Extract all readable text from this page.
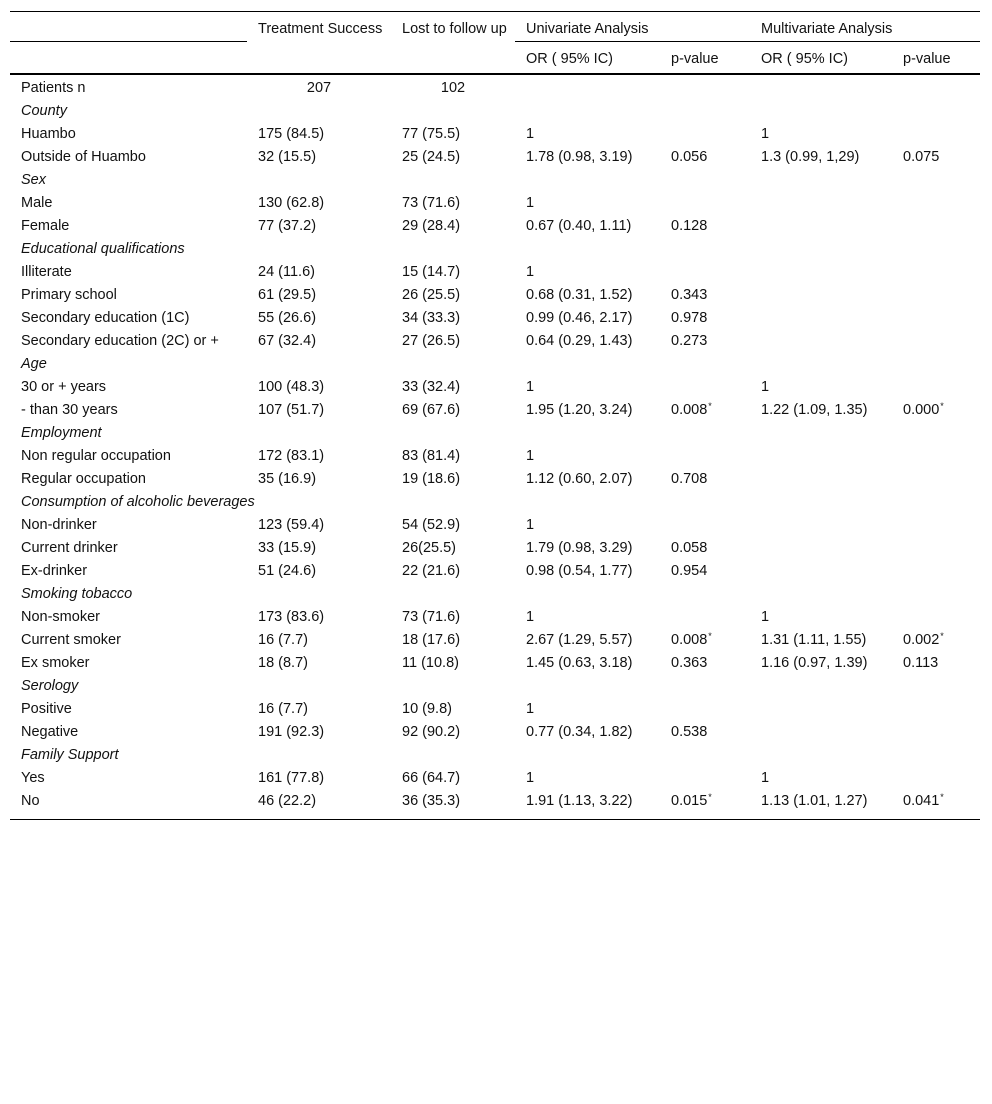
	Treatment Success	Lost to follow up	Univariate Analysis		Multivariate Analysis	
			OR ( 95% IC)	p-value	OR ( 95% IC)	p-value
Patients n	207	102				
County						
Huambo	175 (84.5)	77 (75.5)	1		1	
Outside of Huambo	32 (15.5)	25 (24.5)	1.78 (0.98, 3.19)	0.056	1.3 (0.99, 1,29)	0.075
Sex						
Male	130 (62.8)	73 (71.6)	1			
Female	77 (37.2)	29 (28.4)	0.67 (0.40, 1.11)	0.128		
Educational qualifications						
Illiterate	24 (11.6)	15 (14.7)	1			
Primary school	61 (29.5)	26 (25.5)	0.68 (0.31, 1.52)	0.343		
Secondary education (1C)	55 (26.6)	34 (33.3)	0.99 (0.46, 2.17)	0.978		
Secondary education (2C) or +	67 (32.4)	27 (26.5)	0.64 (0.29, 1.43)	0.273		
Age						
30 or + years	100 (48.3)	33 (32.4)	1		1	
- than 30 years	107 (51.7)	69 (67.6)	1.95 (1.20, 3.24)	0.008*	1.22 (1.09, 1.35)	0.000*
Employment						
Non regular occupation	172 (83.1)	83 (81.4)	1			
Regular occupation	35 (16.9)	19 (18.6)	1.12 (0.60, 2.07)	0.708		
Consumption of alcoholic beverages						
Non-drinker	123 (59.4)	54 (52.9)	1			
Current drinker	33 (15.9)	26(25.5)	1.79 (0.98, 3.29)	0.058		
Ex-drinker	51 (24.6)	22 (21.6)	0.98 (0.54, 1.77)	0.954		
Smoking tobacco						
Non-smoker	173 (83.6)	73 (71.6)	1		1	
Current smoker	16 (7.7)	18 (17.6)	2.67 (1.29, 5.57)	0.008*	1.31 (1.11, 1.55)	0.002*
Ex smoker	18 (8.7)	11 (10.8)	1.45 (0.63, 3.18)	0.363	1.16 (0.97, 1.39)	0.113
Serology						
Positive	16 (7.7)	10 (9.8)	1			
Negative	191 (92.3)	92 (90.2)	0.77 (0.34, 1.82)	0.538		
Family Support						
Yes	161 (77.8)	66 (64.7)	1		1	
No	46 (22.2)	36 (35.3)	1.91 (1.13, 3.22)	0.015*	1.13 (1.01, 1.27)	0.041*
